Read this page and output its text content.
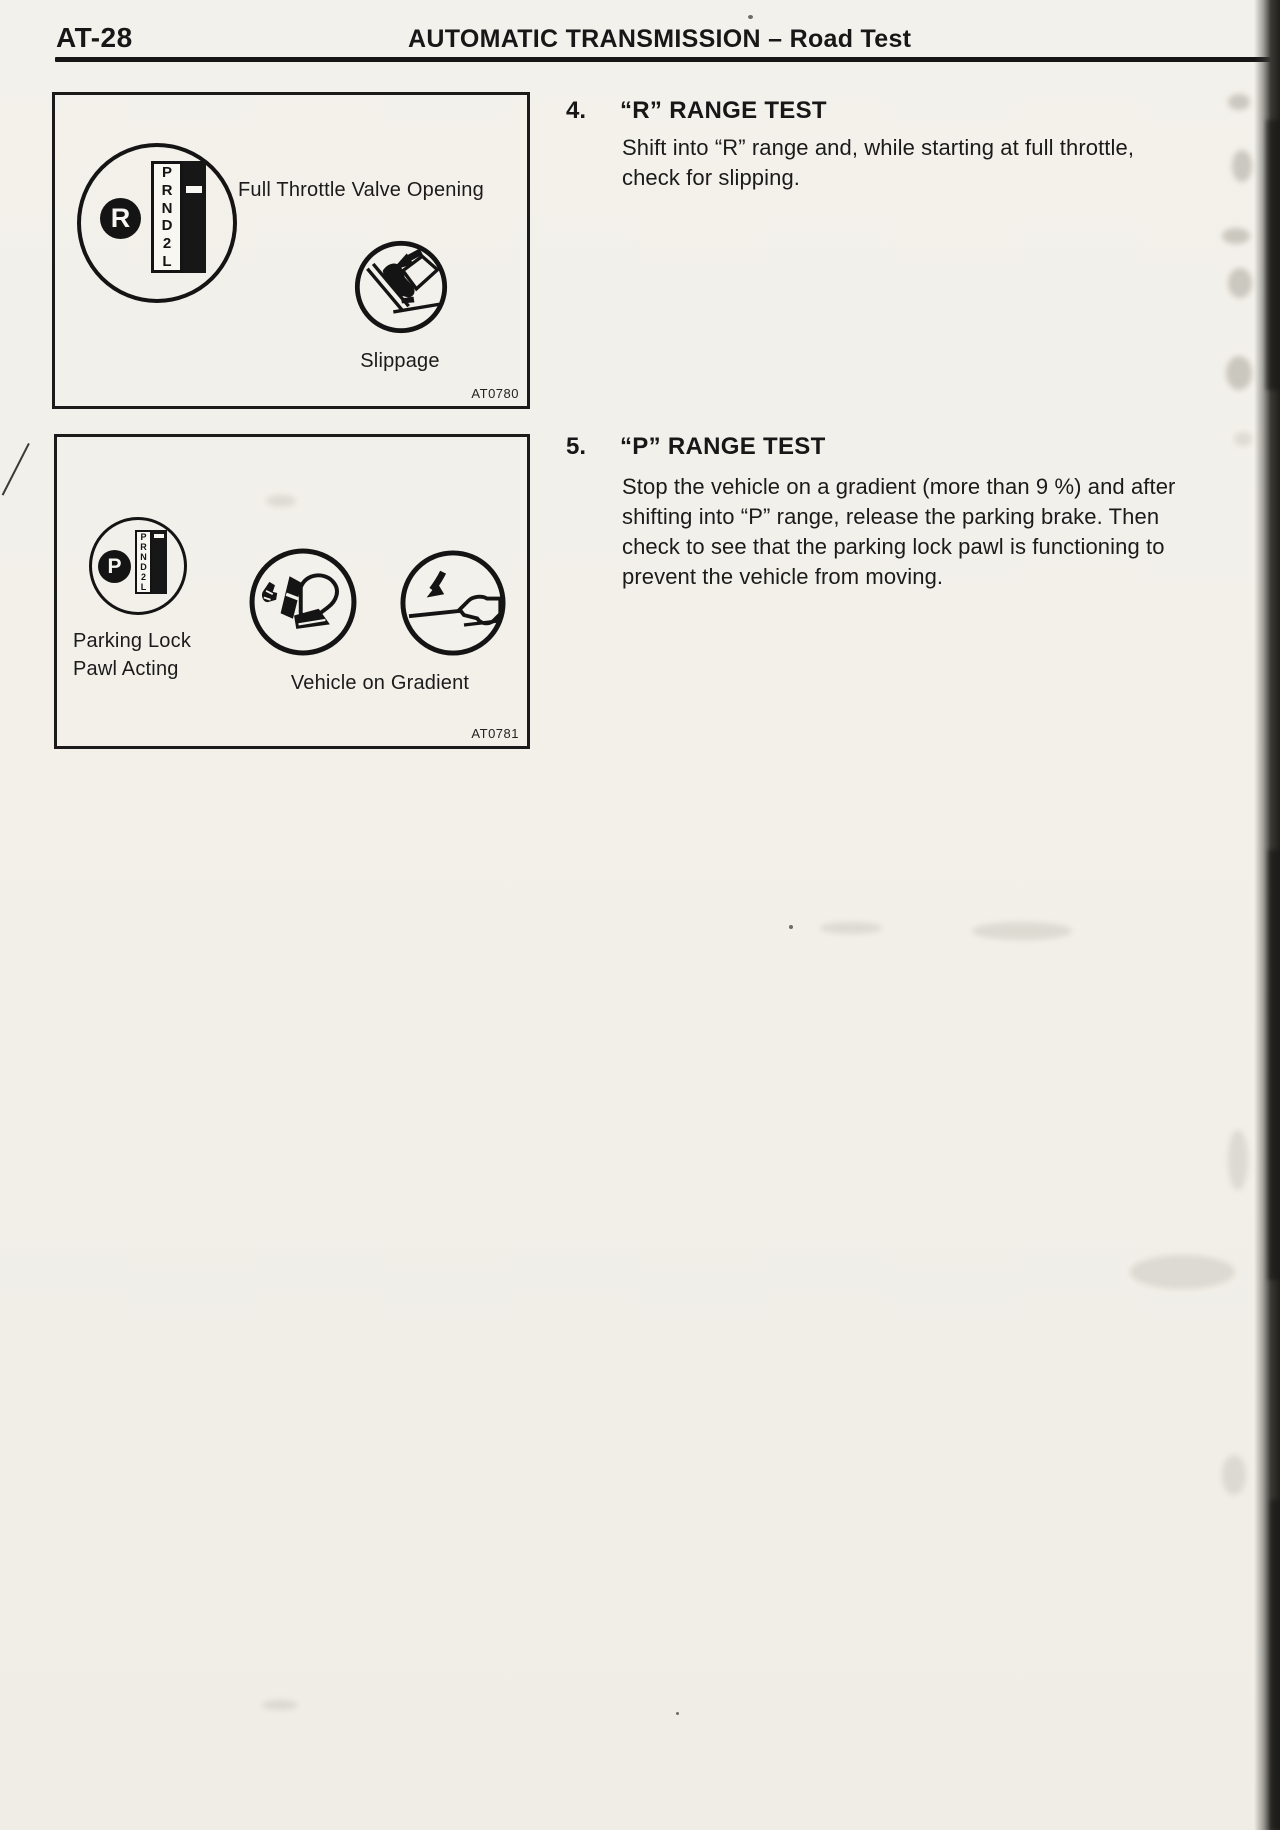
AT-28	AUTOMATIC TRANSMISSION – Road Test
R
P
R
N
D
2
L
Full Throttle Valve Opening
Slippage
AT0780
4. “R” RANGE TEST
Shift into “R” range and, while starting at full throttle,
check for slipping.
P
P
R
N
D
2
L
Parking Lock
Pawl Acting
Vehicle on Gradient
AT0781
5. “P” RANGE TEST
Stop the vehicle on a gradient (more than 9 %) and after
shifting into “P” range, release the parking brake. Then
check to see that the parking lock pawl is functioning to
prevent the vehicle from moving.
